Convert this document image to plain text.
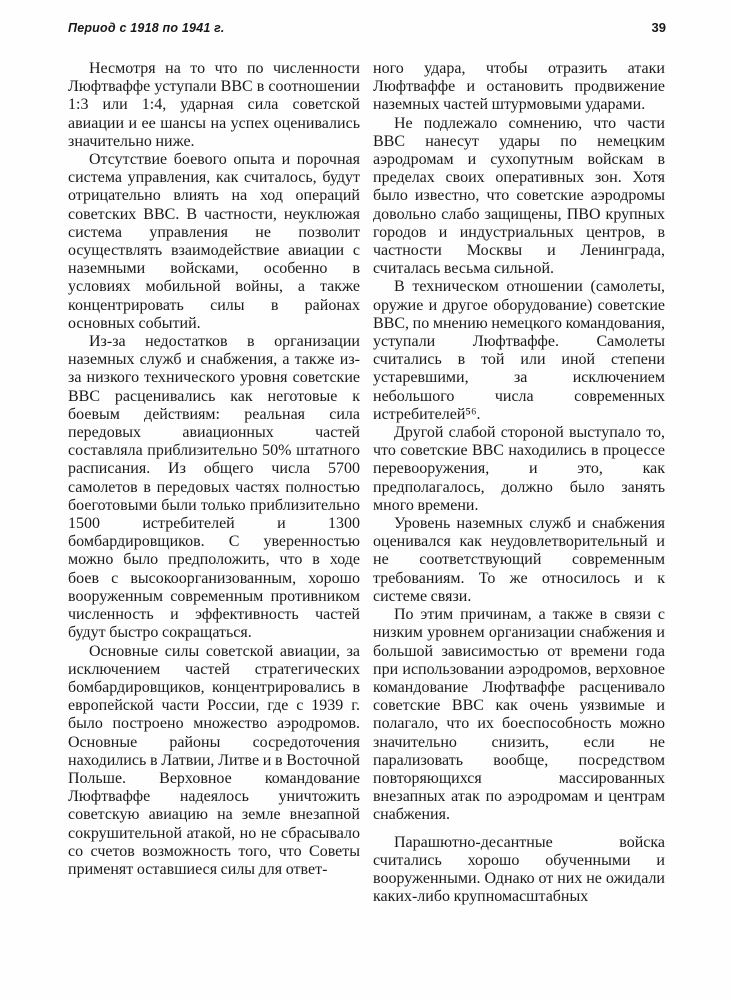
Период с 1918 по 1941 г.	39

Несмотря на то что по численности Люфтваффе уступали ВВС в соотношении 1:3 или 1:4, ударная сила советской авиации и ее шансы на успех оценивались значительно ниже.

Отсутствие боевого опыта и порочная система управления, как считалось, будут отрицательно влиять на ход операций советских ВВС. В частности, неуклюжая система управления не позволит осуществлять взаимодействие авиации с наземными войсками, особенно в условиях мобильной войны, а также концентрировать силы в районах основных событий.

Из-за недостатков в организации наземных служб и снабжения, а также из-за низкого технического уровня советские ВВС расценивались как неготовые к боевым действиям: реальная сила передовых авиационных частей составляла приблизительно 50% штатного расписания. Из общего числа 5700 самолетов в передовых частях полностью боеготовыми были только приблизительно 1500 истребителей и 1300 бомбардировщиков. С уверенностью можно было предположить, что в ходе боев с высокоорганизованным, хорошо вооруженным современным противником численность и эффективность частей будут быстро сокращаться.

Основные силы советской авиации, за исключением частей стратегических бомбардировщиков, концентрировались в европейской части России, где с 1939 г. было построено множество аэродромов. Основные районы сосредоточения находились в Латвии, Литве и в Восточной Польше. Верховное командование Люфтваффе надеялось уничтожить советскую авиацию на земле внезапной сокрушительной атакой, но не сбрасывало со счетов возможность того, что Советы применят оставшиеся силы для ответ-

ного удара, чтобы отразить атаки Люфтваффе и остановить продвижение наземных частей штурмовыми ударами.

Не подлежало сомнению, что части ВВС нанесут удары по немецким аэродромам и сухопутным войскам в пределах своих оперативных зон. Хотя было известно, что советские аэродромы довольно слабо защищены, ПВО крупных городов и индустриальных центров, в частности Москвы и Ленинграда, считалась весьма сильной.

В техническом отношении (самолеты, оружие и другое оборудование) советские ВВС, по мнению немецкого командования, уступали Люфтваффе. Самолеты считались в той или иной степени устаревшими, за исключением небольшого числа современных истребителей⁵⁶.

Другой слабой стороной выступало то, что советские ВВС находились в процессе перевооружения, и это, как предполагалось, должно было занять много времени.

Уровень наземных служб и снабжения оценивался как неудовлетворительный и не соответствующий современным требованиям. То же относилось и к системе связи.

По этим причинам, а также в связи с низким уровнем организации снабжения и большой зависимостью от времени года при использовании аэродромов, верховное командование Люфтваффе расценивало советские ВВС как очень уязвимые и полагало, что их боеспособность можно значительно снизить, если не парализовать вообще, посредством повторяющихся массированных внезапных атак по аэродромам и центрам снабжения.

Парашютно-десантные войска считались хорошо обученными и вооруженными. Однако от них не ожидали каких-либо крупномасштабных
